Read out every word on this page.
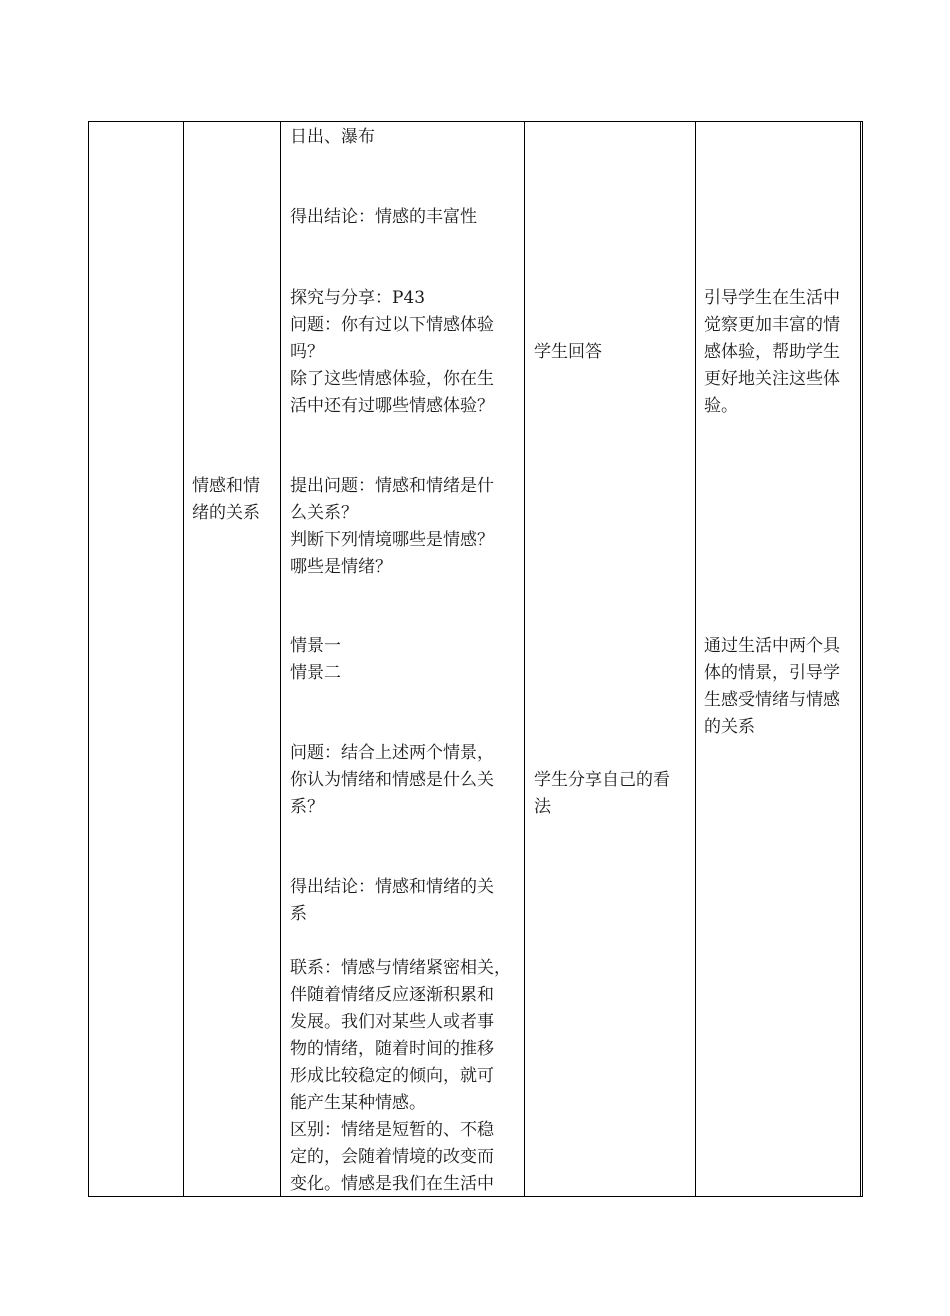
情感和情
绪的关系
日出、瀑布
得出结论：情感的丰富性
探究与分享：P43
问题：你有过以下情感体验
吗？
除了这些情感体验，你在生
活中还有过哪些情感体验？
提出问题：情感和情绪是什
么关系？
判断下列情境哪些是情感？
哪些是情绪？
情景一
情景二
问题：结合上述两个情景，
你认为情绪和情感是什么关
系？
得出结论：情感和情绪的关
系
联系：情感与情绪紧密相关，
伴随着情绪反应逐渐积累和
发展。我们对某些人或者事
物的情绪，随着时间的推移
形成比较稳定的倾向，就可
能产生某种情感。
区别：情绪是短暂的、不稳
定的，会随着情境的改变而
变化。情感是我们在生活中
学生回答
学生分享自己的看
法
引导学生在生活中
觉察更加丰富的情
感体验，帮助学生
更好地关注这些体
验。
通过生活中两个具
体的情景，引导学
生感受情绪与情感
的关系
